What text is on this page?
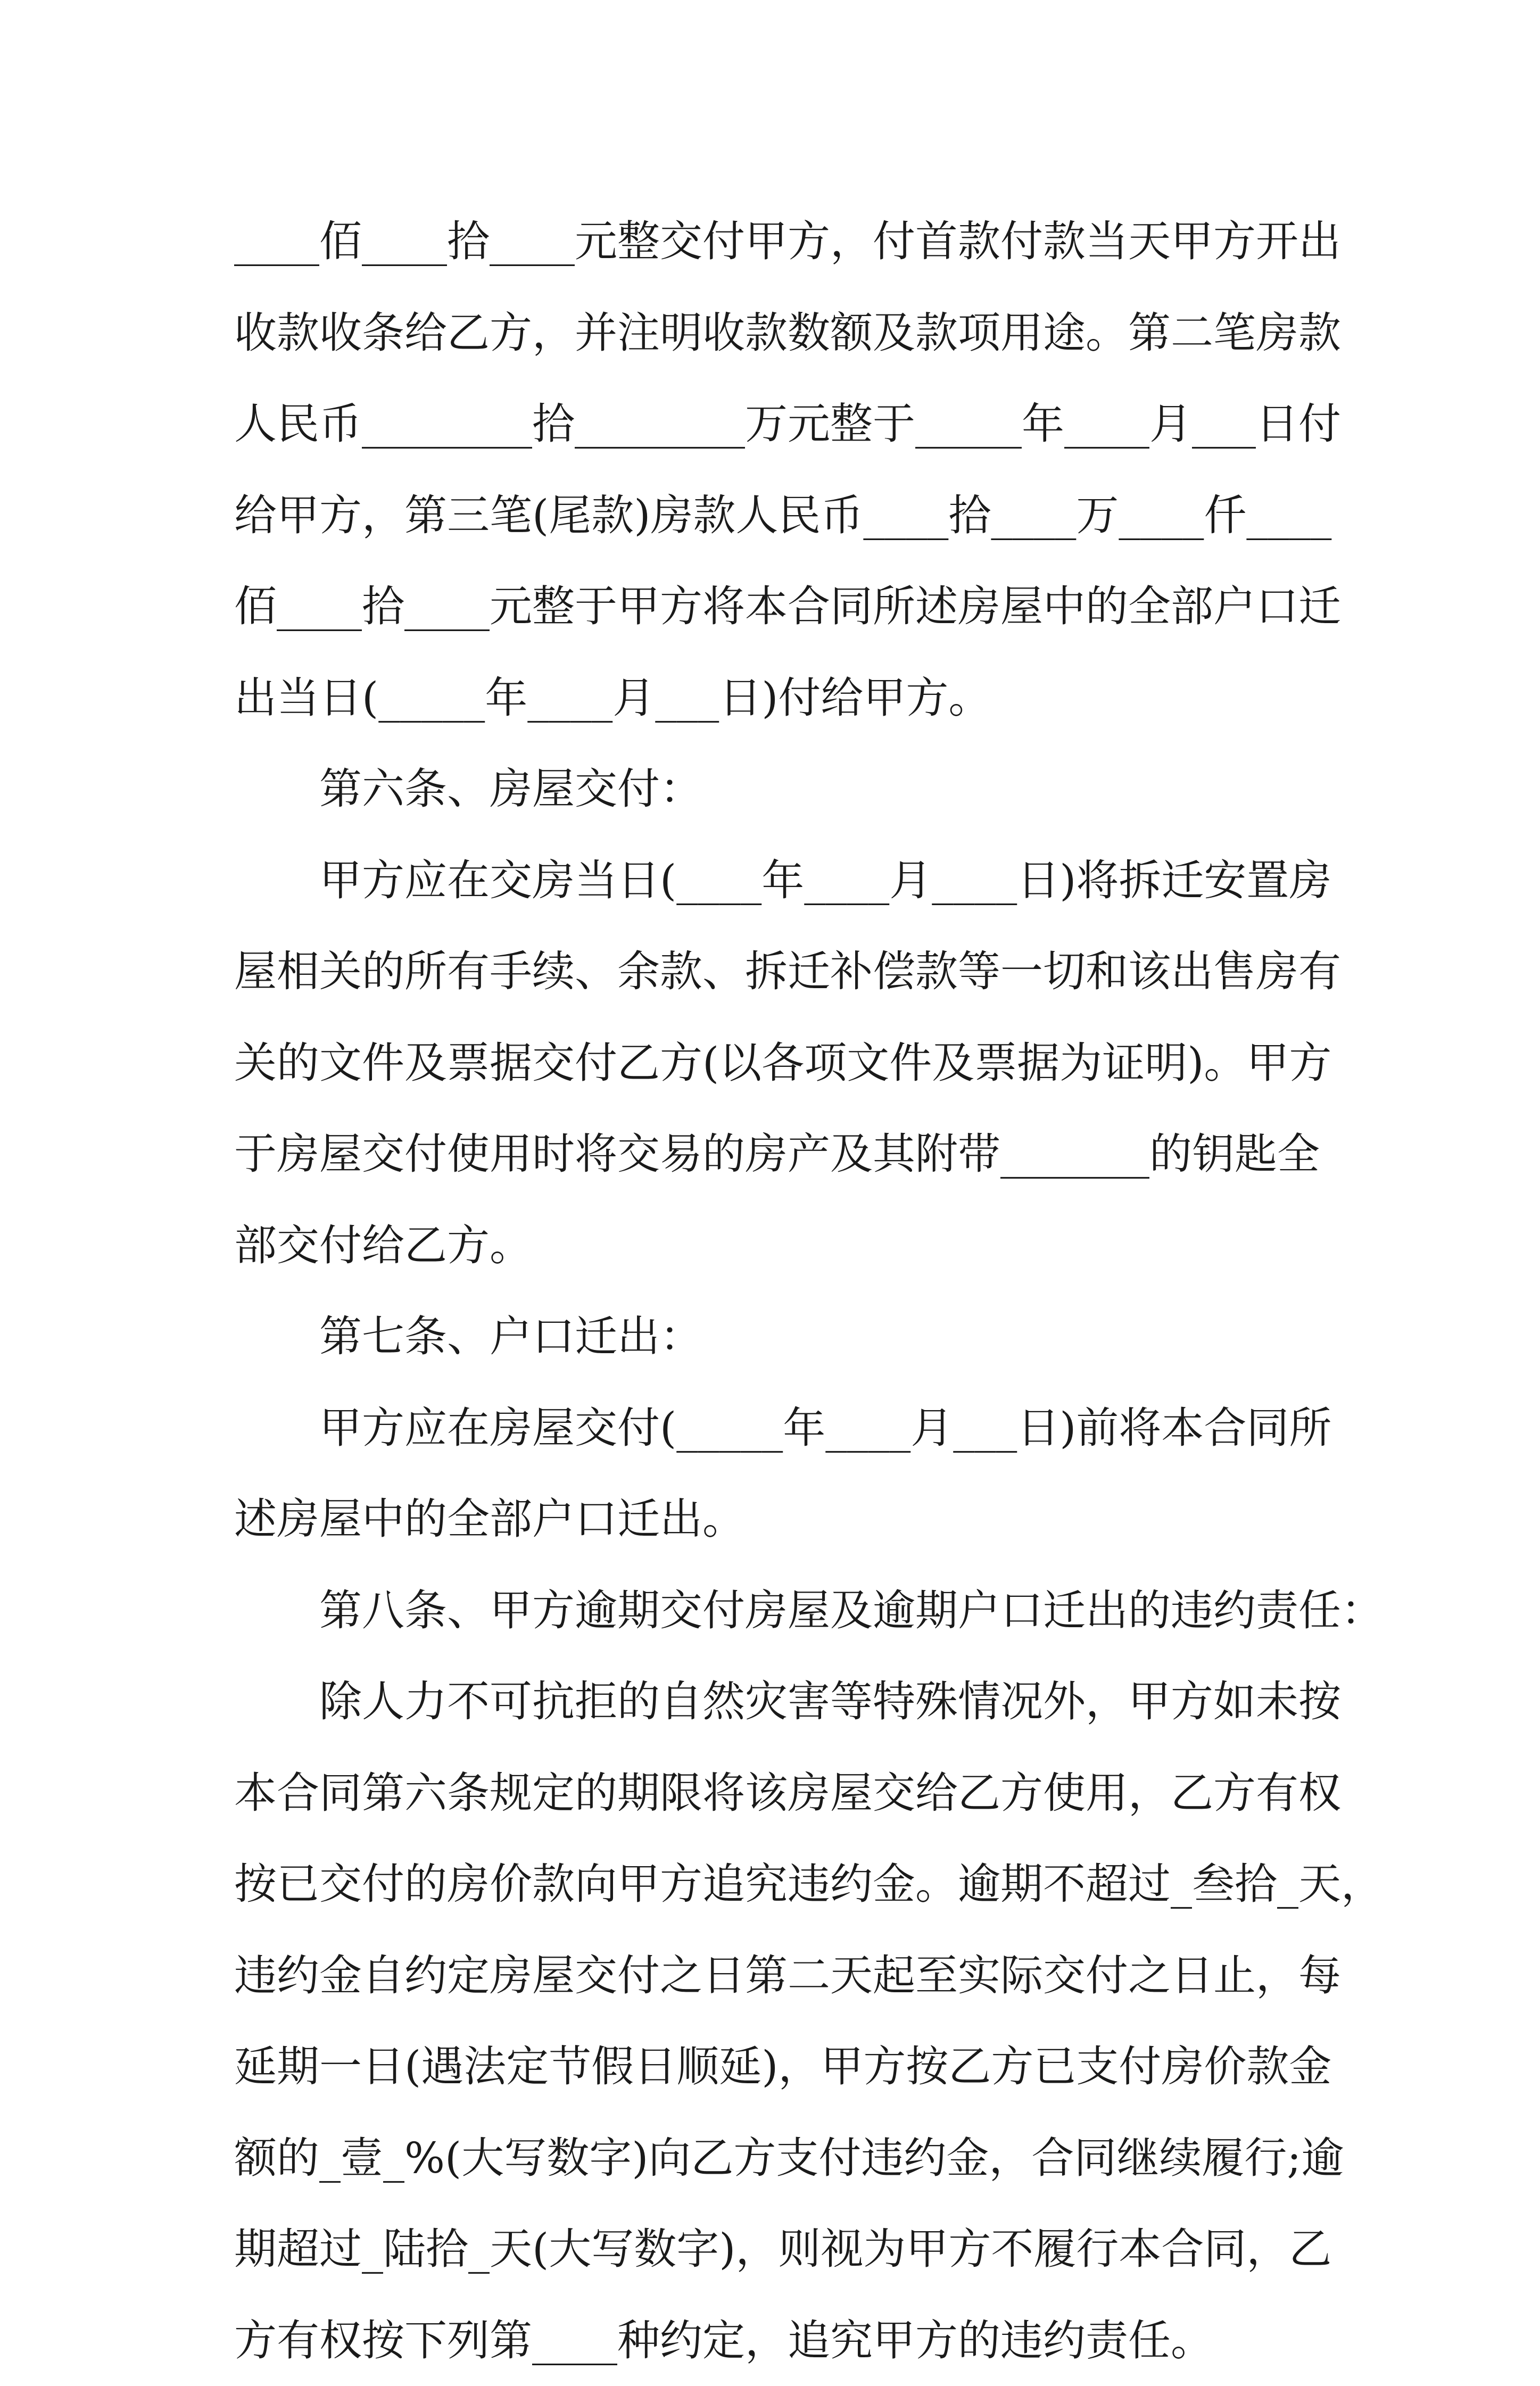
____佰____拾____元整交付甲方，付首款付款当天甲方开出
收款收条给乙方，并注明收款数额及款项用途。第二笔房款
人民币________拾________万元整于_____年____月___日付
给甲方，第三笔(尾款)房款人民币____拾____万____仟____
佰____拾____元整于甲方将本合同所述房屋中的全部户口迁
出当日(_____年____月___日)付给甲方。
第六条、房屋交付：
甲方应在交房当日(____年____月____日)将拆迁安置房
屋相关的所有手续、余款、拆迁补偿款等一切和该出售房有
关的文件及票据交付乙方(以各项文件及票据为证明)。甲方
于房屋交付使用时将交易的房产及其附带_______的钥匙全
部交付给乙方。
第七条、户口迁出：
甲方应在房屋交付(_____年____月___日)前将本合同所
述房屋中的全部户口迁出。
第八条、甲方逾期交付房屋及逾期户口迁出的违约责任：
除人力不可抗拒的自然灾害等特殊情况外，甲方如未按
本合同第六条规定的期限将该房屋交给乙方使用，乙方有权
按已交付的房价款向甲方追究违约金。逾期不超过_叁拾_天，
违约金自约定房屋交付之日第二天起至实际交付之日止，每
延期一日(遇法定节假日顺延)，甲方按乙方已支付房价款金
额的_壹_%(大写数字)向乙方支付违约金，合同继续履行;逾
期超过_陆拾_天(大写数字)，则视为甲方不履行本合同，乙
方有权按下列第____种约定，追究甲方的违约责任。
